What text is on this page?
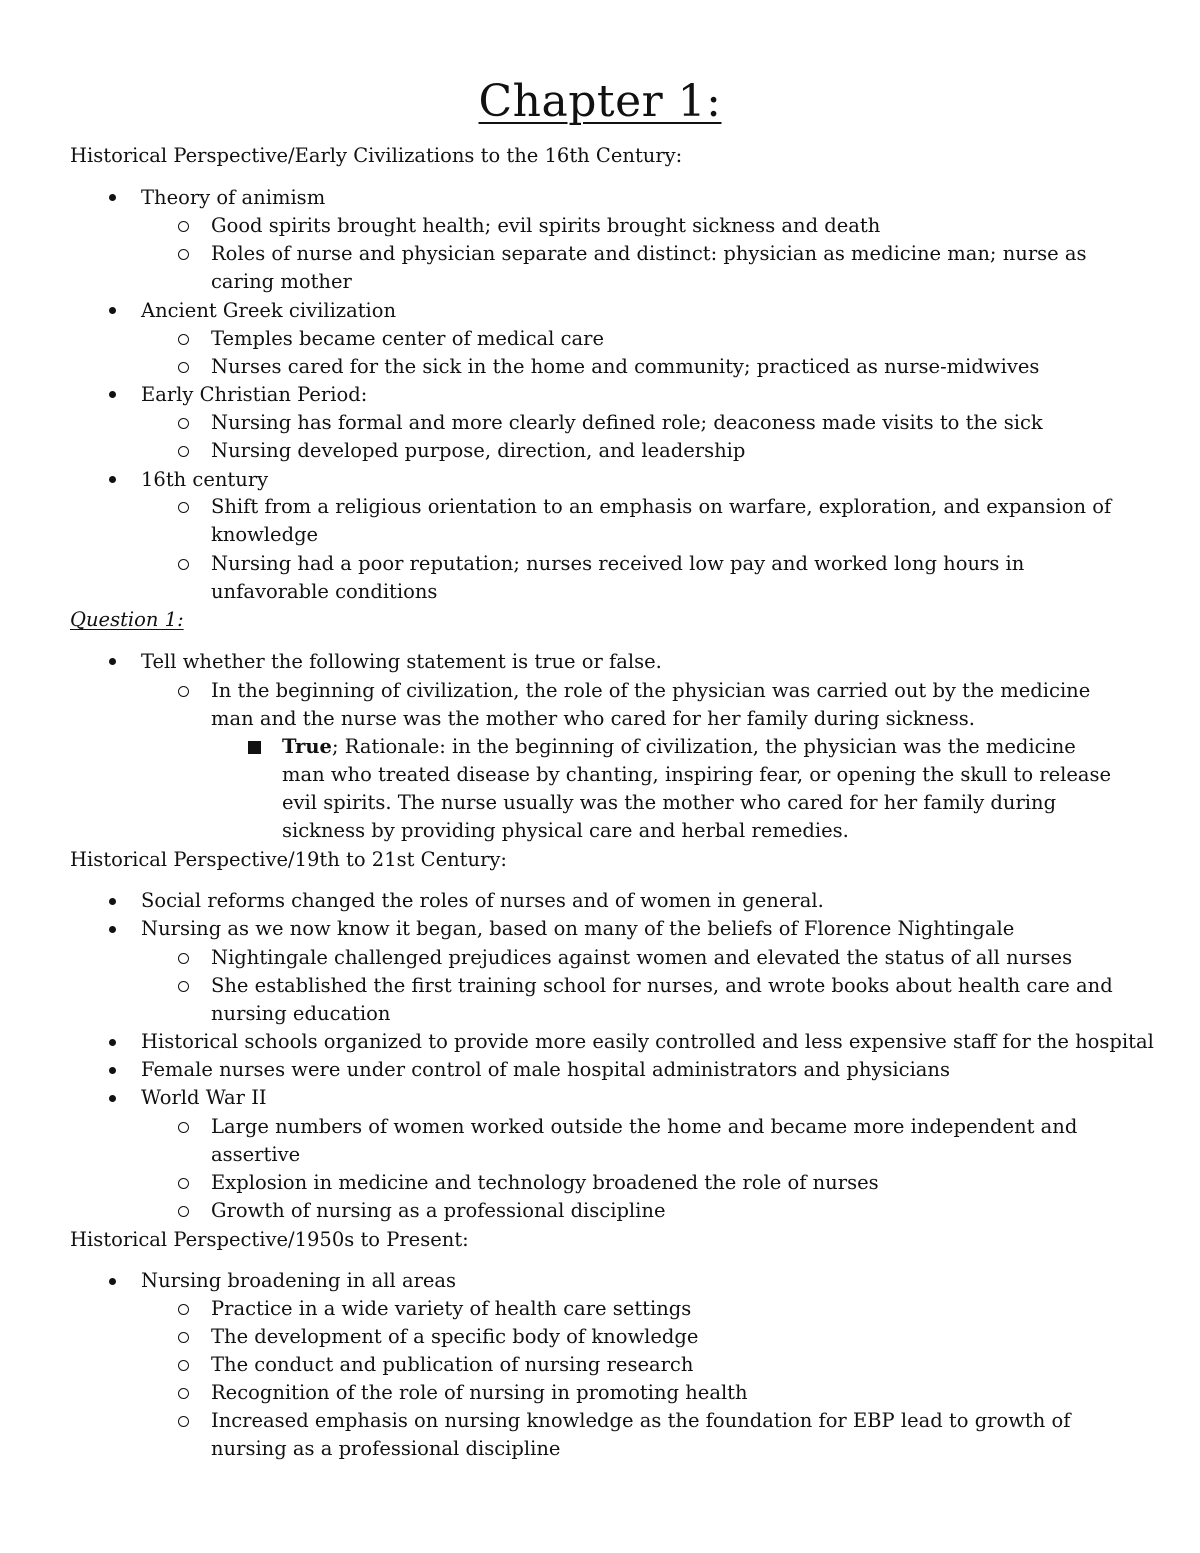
Chapter 1:
Historical Perspective/Early Civilizations to the 16th Century:
Theory of animism
Good spirits brought health; evil spirits brought sickness and death
Roles of nurse and physician separate and distinct: physician as medicine man; nurse as caring mother
Ancient Greek civilization
Temples became center of medical care
Nurses cared for the sick in the home and community; practiced as nurse-midwives
Early Christian Period:
Nursing has formal and more clearly defined role; deaconess made visits to the sick
Nursing developed purpose, direction, and leadership
16th century
Shift from a religious orientation to an emphasis on warfare, exploration, and expansion of knowledge
Nursing had a poor reputation; nurses received low pay and worked long hours in unfavorable conditions
Question 1:
Tell whether the following statement is true or false.
In the beginning of civilization, the role of the physician was carried out by the medicine man and the nurse was the mother who cared for her family during sickness.
True; Rationale: in the beginning of civilization, the physician was the medicine man who treated disease by chanting, inspiring fear, or opening the skull to release evil spirits. The nurse usually was the mother who cared for her family during sickness by providing physical care and herbal remedies.
Historical Perspective/19th to 21st Century:
Social reforms changed the roles of nurses and of women in general.
Nursing as we now know it began, based on many of the beliefs of Florence Nightingale
Nightingale challenged prejudices against women and elevated the status of all nurses
She established the first training school for nurses, and wrote books about health care and nursing education
Historical schools organized to provide more easily controlled and less expensive staff for the hospital
Female nurses were under control of male hospital administrators and physicians
World War II
Large numbers of women worked outside the home and became more independent and assertive
Explosion in medicine and technology broadened the role of nurses
Growth of nursing as a professional discipline
Historical Perspective/1950s to Present:
Nursing broadening in all areas
Practice in a wide variety of health care settings
The development of a specific body of knowledge
The conduct and publication of nursing research
Recognition of the role of nursing in promoting health
Increased emphasis on nursing knowledge as the foundation for EBP lead to growth of nursing as a professional discipline
